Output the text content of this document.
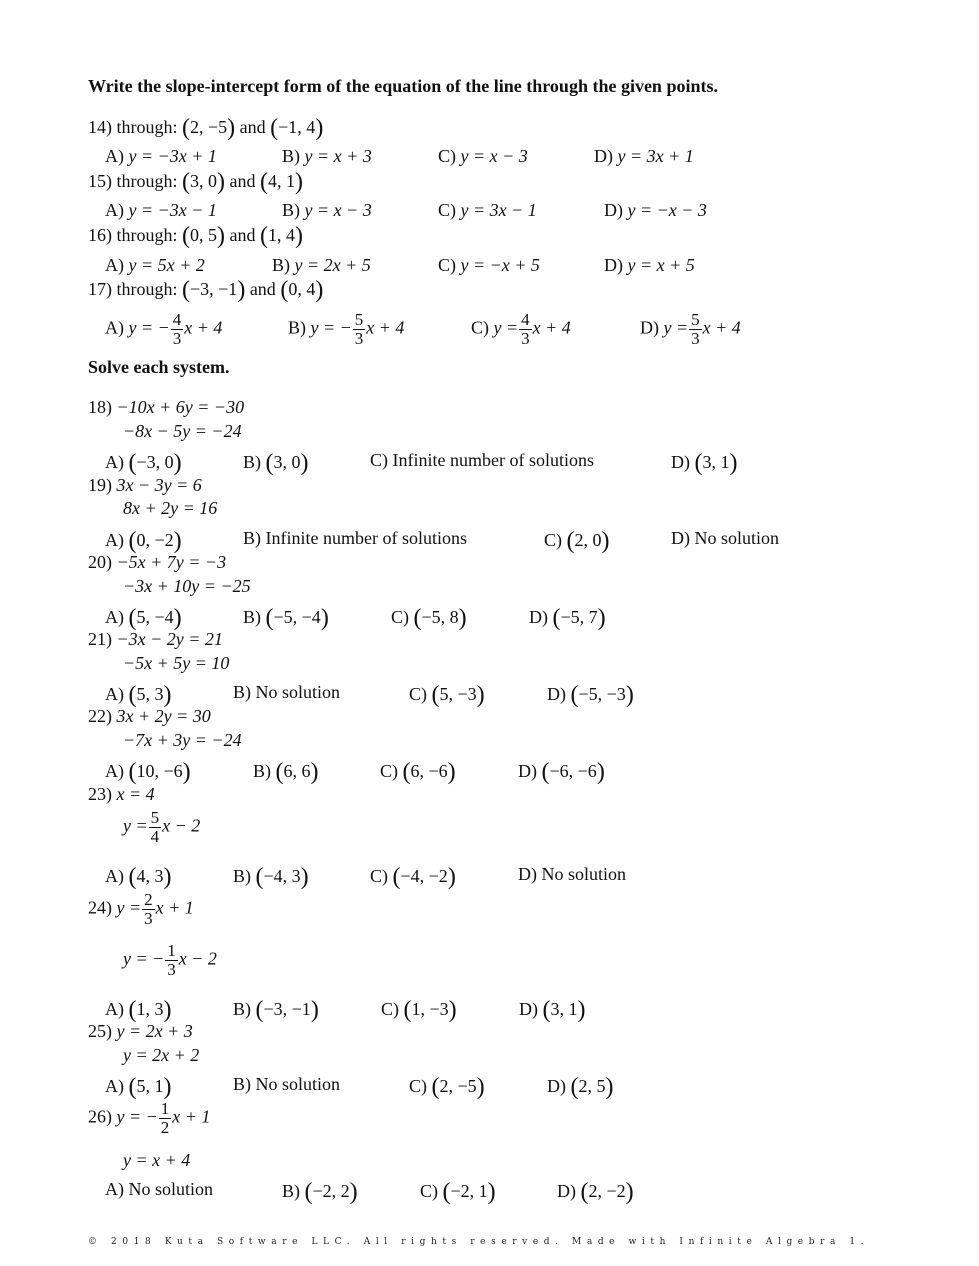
Write the slope-intercept form of the equation of the line through the given points.
14) through: (2, −5) and (−1, 4)
A) y = −3x + 1	B) y = x + 3	C) y = x − 3	D) y = 3x + 1
15) through: (3, 0) and (4, 1)
A) y = −3x − 1	B) y = x − 3	C) y = 3x − 1	D) y = −x − 3
16) through: (0, 5) and (1, 4)
A) y = 5x + 2	B) y = 2x + 5	C) y = −x + 5	D) y = x + 5
17) through: (−3, −1) and (0, 4)
A) y = − $\frac{4}{3}$ x + 4	B) y = − $\frac{5}{3}$ x + 4	C) $y = \frac{4}{3}$ x + 4	D) $y = \frac{5}{3}$ x + 4
Solve each system.
18) −10x + 6y = −30
−8x − 5y = −24
A) (−3, 0)	B) (3, 0)	C) Infinite number of solutions	D) (3, 1)
19) 3x − 3y = 6
8x + 2y = 16
A) (0, −2)	B) Infinite number of solutions	C) (2, 0)	D) No solution
20) −5x + 7y = −3
−3x + 10y = −25
A) (5, −4)	B) (−5, −4)	C) (−5, 8)	D) (−5, 7)
21) −3x − 2y = 21
−5x + 5y = 10
A) (5, 3)	B) No solution	C) (5, −3)	D) (−5, −3)
22) 3x + 2y = 30
−7x + 3y = −24
A) (10, −6)	B) (6, 6)	C) (6, −6)	D) (−6, −6)
23) x = 4
$y = \frac{5}{4}$ x − 2
A) (4, 3)	B) (−4, 3)	C) (−4, −2)	D) No solution
24) $y = \frac{2}{3}$ x + 1
y = − $\frac{1}{3}$ x − 2
A) (1, 3)	B) (−3, −1)	C) (1, −3)	D) (3, 1)
25) y = 2x + 3
y = 2x + 2
A) (5, 1)	B) No solution	C) (2, −5)	D) (2, 5)
26) y = − $\frac{1}{2}$ x + 1
y = x + 4
A) No solution	B) (−2, 2)	C) (−2, 1)	D) (2, −2)
© 2018 Kuta Software LLC. All rights reserved. Made with Infinite Algebra 1.
